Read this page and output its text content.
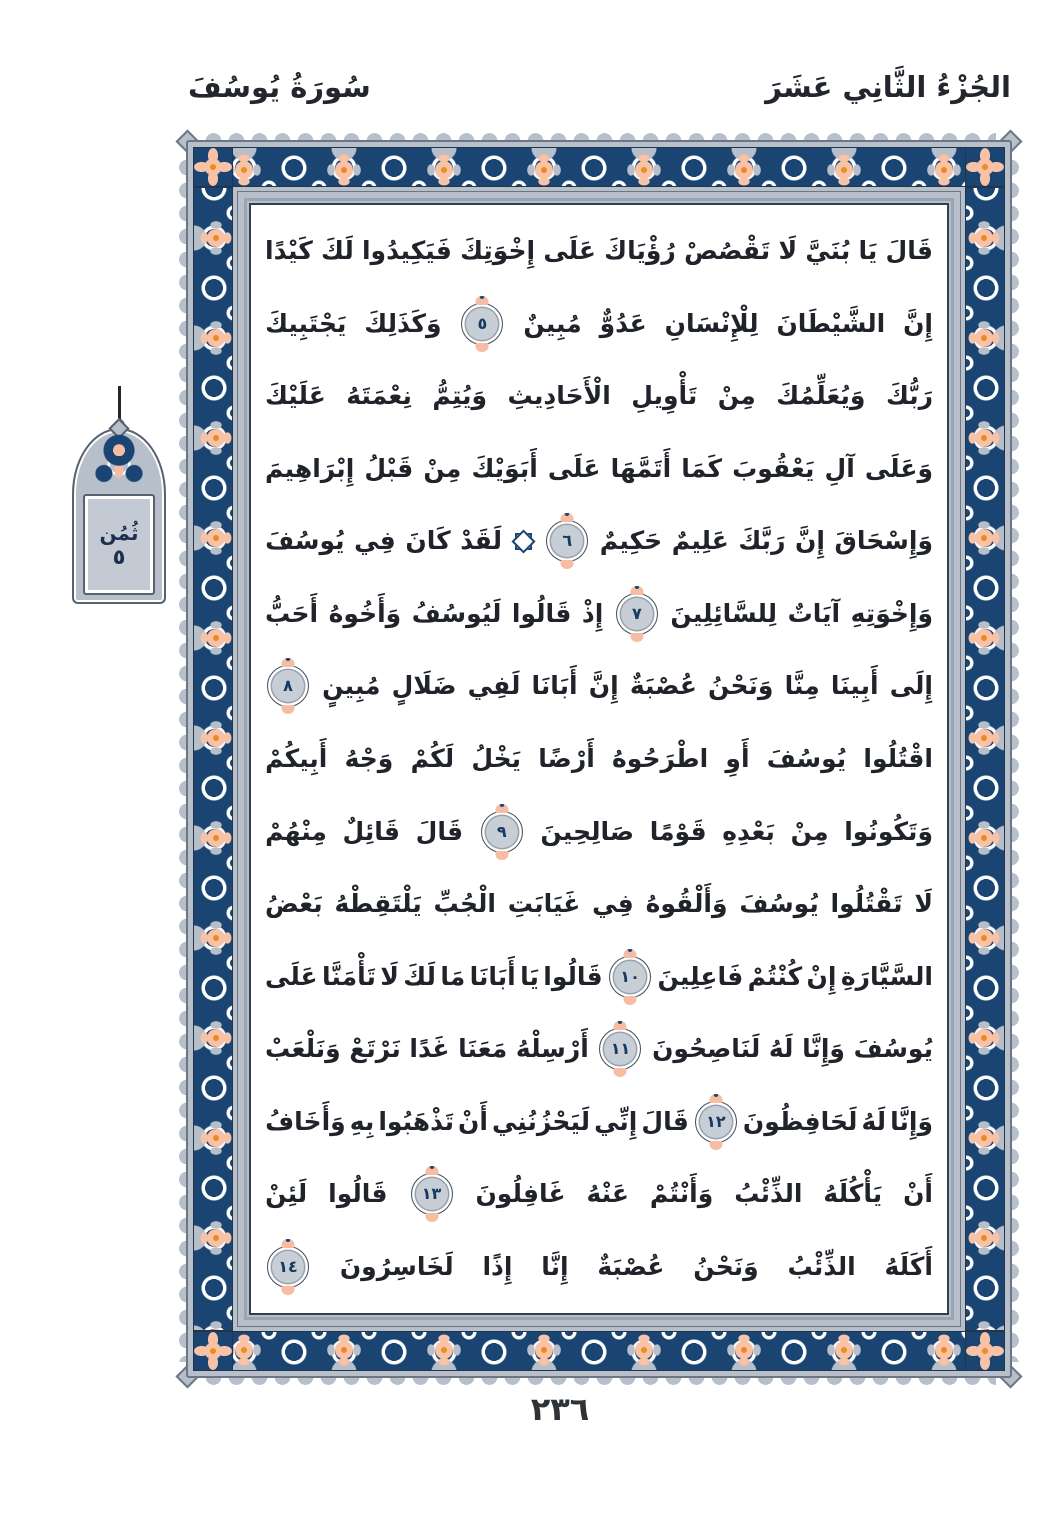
الجُزْءُ الثَّانِي عَشَرَ
سُورَةُ يُوسُفَ
قَالَ
يَا
بُنَيَّ
لَا
تَقْصُصْ
رُؤْيَاكَ
عَلَى
إِخْوَتِكَ
فَيَكِيدُوا
لَكَ
كَيْدًا
إِنَّ
الشَّيْطَانَ
لِلْإِنْسَانِ
عَدُوٌّ
مُبِينٌ
٥
وَكَذَلِكَ
يَجْتَبِيكَ
رَبُّكَ
وَيُعَلِّمُكَ
مِنْ
تَأْوِيلِ
الْأَحَادِيثِ
وَيُتِمُّ
نِعْمَتَهُ
عَلَيْكَ
وَعَلَى
آلِ
يَعْقُوبَ
كَمَا
أَتَمَّهَا
عَلَى
أَبَوَيْكَ
مِنْ
قَبْلُ
إِبْرَاهِيمَ
وَإِسْحَاقَ
إِنَّ
رَبَّكَ
عَلِيمٌ
حَكِيمٌ
٦
لَقَدْ
كَانَ
فِي
يُوسُفَ
وَإِخْوَتِهِ
آيَاتٌ
لِلسَّائِلِينَ
٧
إِذْ
قَالُوا
لَيُوسُفُ
وَأَخُوهُ
أَحَبُّ
إِلَى
أَبِينَا
مِنَّا
وَنَحْنُ
عُصْبَةٌ
إِنَّ
أَبَانَا
لَفِي
ضَلَالٍ
مُبِينٍ
٨
اقْتُلُوا
يُوسُفَ
أَوِ
اطْرَحُوهُ
أَرْضًا
يَخْلُ
لَكُمْ
وَجْهُ
أَبِيكُمْ
وَتَكُونُوا
مِنْ
بَعْدِهِ
قَوْمًا
صَالِحِينَ
٩
قَالَ
قَائِلٌ
مِنْهُمْ
لَا
تَقْتُلُوا
يُوسُفَ
وَأَلْقُوهُ
فِي
غَيَابَتِ
الْجُبِّ
يَلْتَقِطْهُ
بَعْضُ
السَّيَّارَةِ
إِنْ
كُنْتُمْ
فَاعِلِينَ
١٠
قَالُوا
يَا
أَبَانَا
مَا
لَكَ
لَا
تَأْمَنَّا
عَلَى
يُوسُفَ
وَإِنَّا
لَهُ
لَنَاصِحُونَ
١١
أَرْسِلْهُ
مَعَنَا
غَدًا
نَرْتَعْ
وَنَلْعَبْ
وَإِنَّا
لَهُ
لَحَافِظُونَ
١٢
قَالَ
إِنِّي
لَيَحْزُنُنِي
أَنْ
تَذْهَبُوا
بِهِ
وَأَخَافُ
أَنْ
يَأْكُلَهُ
الذِّئْبُ
وَأَنْتُمْ
عَنْهُ
غَافِلُونَ
١٣
قَالُوا
لَئِنْ
أَكَلَهُ
الذِّئْبُ
وَنَحْنُ
عُصْبَةٌ
إِنَّا
إِذًا
لَخَاسِرُونَ
١٤
ثُمُن
٥
٢٣٦
